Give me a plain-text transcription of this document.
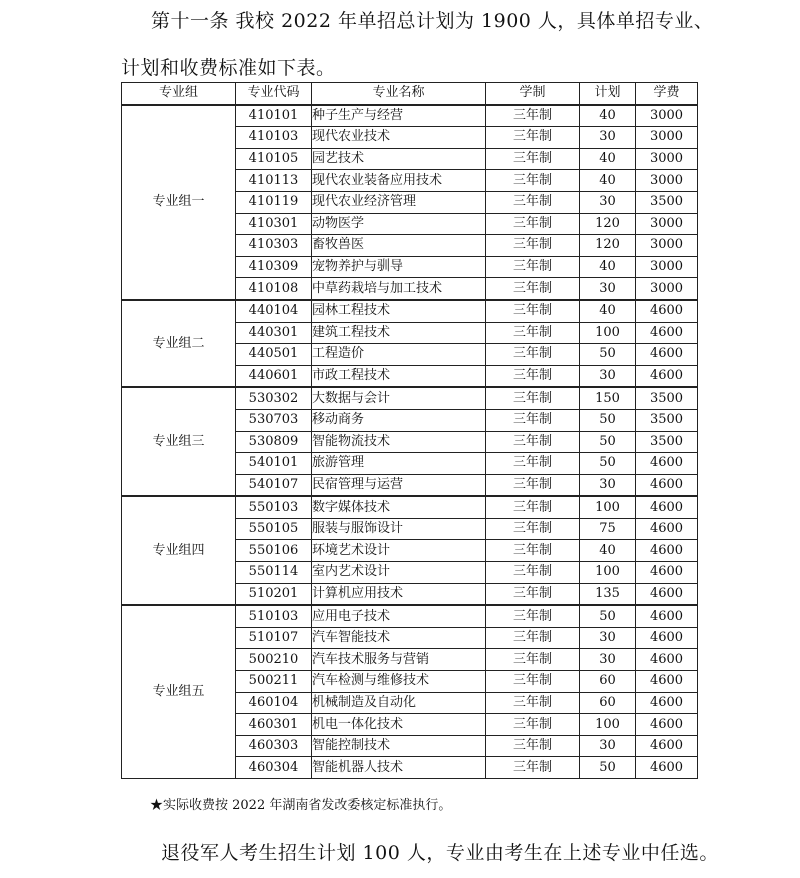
第十一条 我校 2022 年单招总计划为 1900 人，具体单招专业、

计划和收费标准如下表。

专业组	专业代码	专业名称	学制	计划	学费
专业组一	410101	种子生产与经营	三年制	40	3000
	410103	现代农业技术	三年制	30	3000
	410105	园艺技术	三年制	40	3000
	410113	现代农业装备应用技术	三年制	40	3000
	410119	现代农业经济管理	三年制	30	3500
	410301	动物医学	三年制	120	3000
	410303	畜牧兽医	三年制	120	3000
	410309	宠物养护与驯导	三年制	40	3000
	410108	中草药栽培与加工技术	三年制	30	3000
专业组二	440104	园林工程技术	三年制	40	4600
	440301	建筑工程技术	三年制	100	4600
	440501	工程造价	三年制	50	4600
	440601	市政工程技术	三年制	30	4600
专业组三	530302	大数据与会计	三年制	150	3500
	530703	移动商务	三年制	50	3500
	530809	智能物流技术	三年制	50	3500
	540101	旅游管理	三年制	50	4600
	540107	民宿管理与运营	三年制	30	4600
专业组四	550103	数字媒体技术	三年制	100	4600
	550105	服装与服饰设计	三年制	75	4600
	550106	环境艺术设计	三年制	40	4600
	550114	室内艺术设计	三年制	100	4600
	510201	计算机应用技术	三年制	135	4600
专业组五	510103	应用电子技术	三年制	50	4600
	510107	汽车智能技术	三年制	30	4600
	500210	汽车技术服务与营销	三年制	30	4600
	500211	汽车检测与维修技术	三年制	60	4600
	460104	机械制造及自动化	三年制	60	4600
	460301	机电一体化技术	三年制	100	4600
	460303	智能控制技术	三年制	30	4600
	460304	智能机器人技术	三年制	50	4600

★实际收费按 2022 年湖南省发改委核定标准执行。

退役军人考生招生计划 100 人，专业由考生在上述专业中任选。
